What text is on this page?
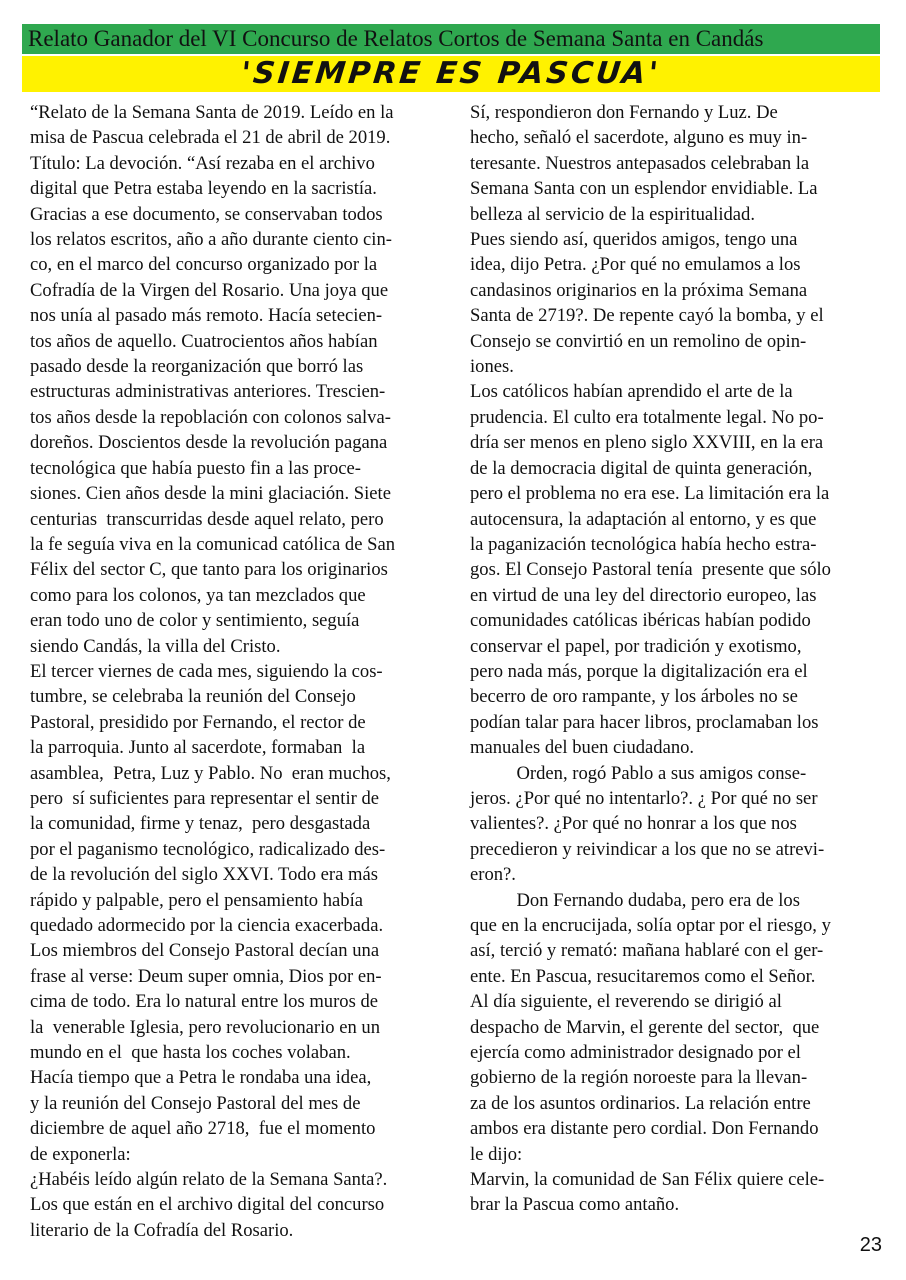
Relato Ganador del VI Concurso de Relatos Cortos de Semana Santa en Candás
'SIEMPRE ES PASCUA'

“Relato de la Semana Santa de 2019. Leído en la

misa de Pascua celebrada el 21 de abril de 2019.

Título: La devoción. “Así rezaba en el archivo

digital que Petra estaba leyendo en la sacristía.

Gracias a ese documento, se conservaban todos

los relatos escritos, año a año durante ciento cin-

co, en el marco del concurso organizado por la

Cofradía de la Virgen del Rosario. Una joya que

nos unía al pasado más remoto. Hacía setecien-

tos años de aquello. Cuatrocientos años habían

pasado desde la reorganización que borró las

estructuras administrativas anteriores. Trescien-

tos años desde la repoblación con colonos salva-

doreños. Doscientos desde la revolución pagana

tecnológica que había puesto fin a las proce-

siones. Cien años desde la mini glaciación. Siete

centurias  transcurridas desde aquel relato, pero

la fe seguía viva en la comunicad católica de San

Félix del sector C, que tanto para los originarios

como para los colonos, ya tan mezclados que

eran todo uno de color y sentimiento, seguía

siendo Candás, la villa del Cristo.

El tercer viernes de cada mes, siguiendo la cos-

tumbre, se celebraba la reunión del Consejo

Pastoral, presidido por Fernando, el rector de

la parroquia. Junto al sacerdote, formaban  la

asamblea,  Petra, Luz y Pablo. No  eran muchos,

pero  sí suficientes para representar el sentir de

la comunidad, firme y tenaz,  pero desgastada

por el paganismo tecnológico, radicalizado des-

de la revolución del siglo XXVI. Todo era más

rápido y palpable, pero el pensamiento había

quedado adormecido por la ciencia exacerbada.

Los miembros del Consejo Pastoral decían una

frase al verse: Deum super omnia, Dios por en-

cima de todo. Era lo natural entre los muros de

la  venerable Iglesia, pero revolucionario en un

mundo en el  que hasta los coches volaban.

Hacía tiempo que a Petra le rondaba una idea,

y la reunión del Consejo Pastoral del mes de

diciembre de aquel año 2718,  fue el momento

de exponerla:

¿Habéis leído algún relato de la Semana Santa?.

Los que están en el archivo digital del concurso

literario de la Cofradía del Rosario.

Sí, respondieron don Fernando y Luz. De

hecho, señaló el sacerdote, alguno es muy in-

teresante. Nuestros antepasados celebraban la

Semana Santa con un esplendor envidiable. La

belleza al servicio de la espiritualidad.

Pues siendo así, queridos amigos, tengo una

idea, dijo Petra. ¿Por qué no emulamos a los

candasinos originarios en la próxima Semana

Santa de 2719?. De repente cayó la bomba, y el

Consejo se convirtió en un remolino de opin-

iones.

Los católicos habían aprendido el arte de la

prudencia. El culto era totalmente legal. No po-

dría ser menos en pleno siglo XXVIII, en la era

de la democracia digital de quinta generación,

pero el problema no era ese. La limitación era la

autocensura, la adaptación al entorno, y es que

la paganización tecnológica había hecho estra-

gos. El Consejo Pastoral tenía  presente que sólo

en virtud de una ley del directorio europeo, las

comunidades católicas ibéricas habían podido

conservar el papel, por tradición y exotismo,

pero nada más, porque la digitalización era el

becerro de oro rampante, y los árboles no se

podían talar para hacer libros, proclamaban los

manuales del buen ciudadano.

Orden, rogó Pablo a sus amigos conse-

jeros. ¿Por qué no intentarlo?. ¿ Por qué no ser

valientes?. ¿Por qué no honrar a los que nos

precedieron y reivindicar a los que no se atrevi-

eron?.

Don Fernando dudaba, pero era de los

que en la encrucijada, solía optar por el riesgo, y

así, terció y remató: mañana hablaré con el ger-

ente. En Pascua, resucitaremos como el Señor.

Al día siguiente, el reverendo se dirigió al

despacho de Marvin, el gerente del sector,  que

ejercía como administrador designado por el

gobierno de la región noroeste para la llevan-

za de los asuntos ordinarios. La relación entre

ambos era distante pero cordial. Don Fernando

le dijo:

Marvin, la comunidad de San Félix quiere cele-

brar la Pascua como antaño.

23
